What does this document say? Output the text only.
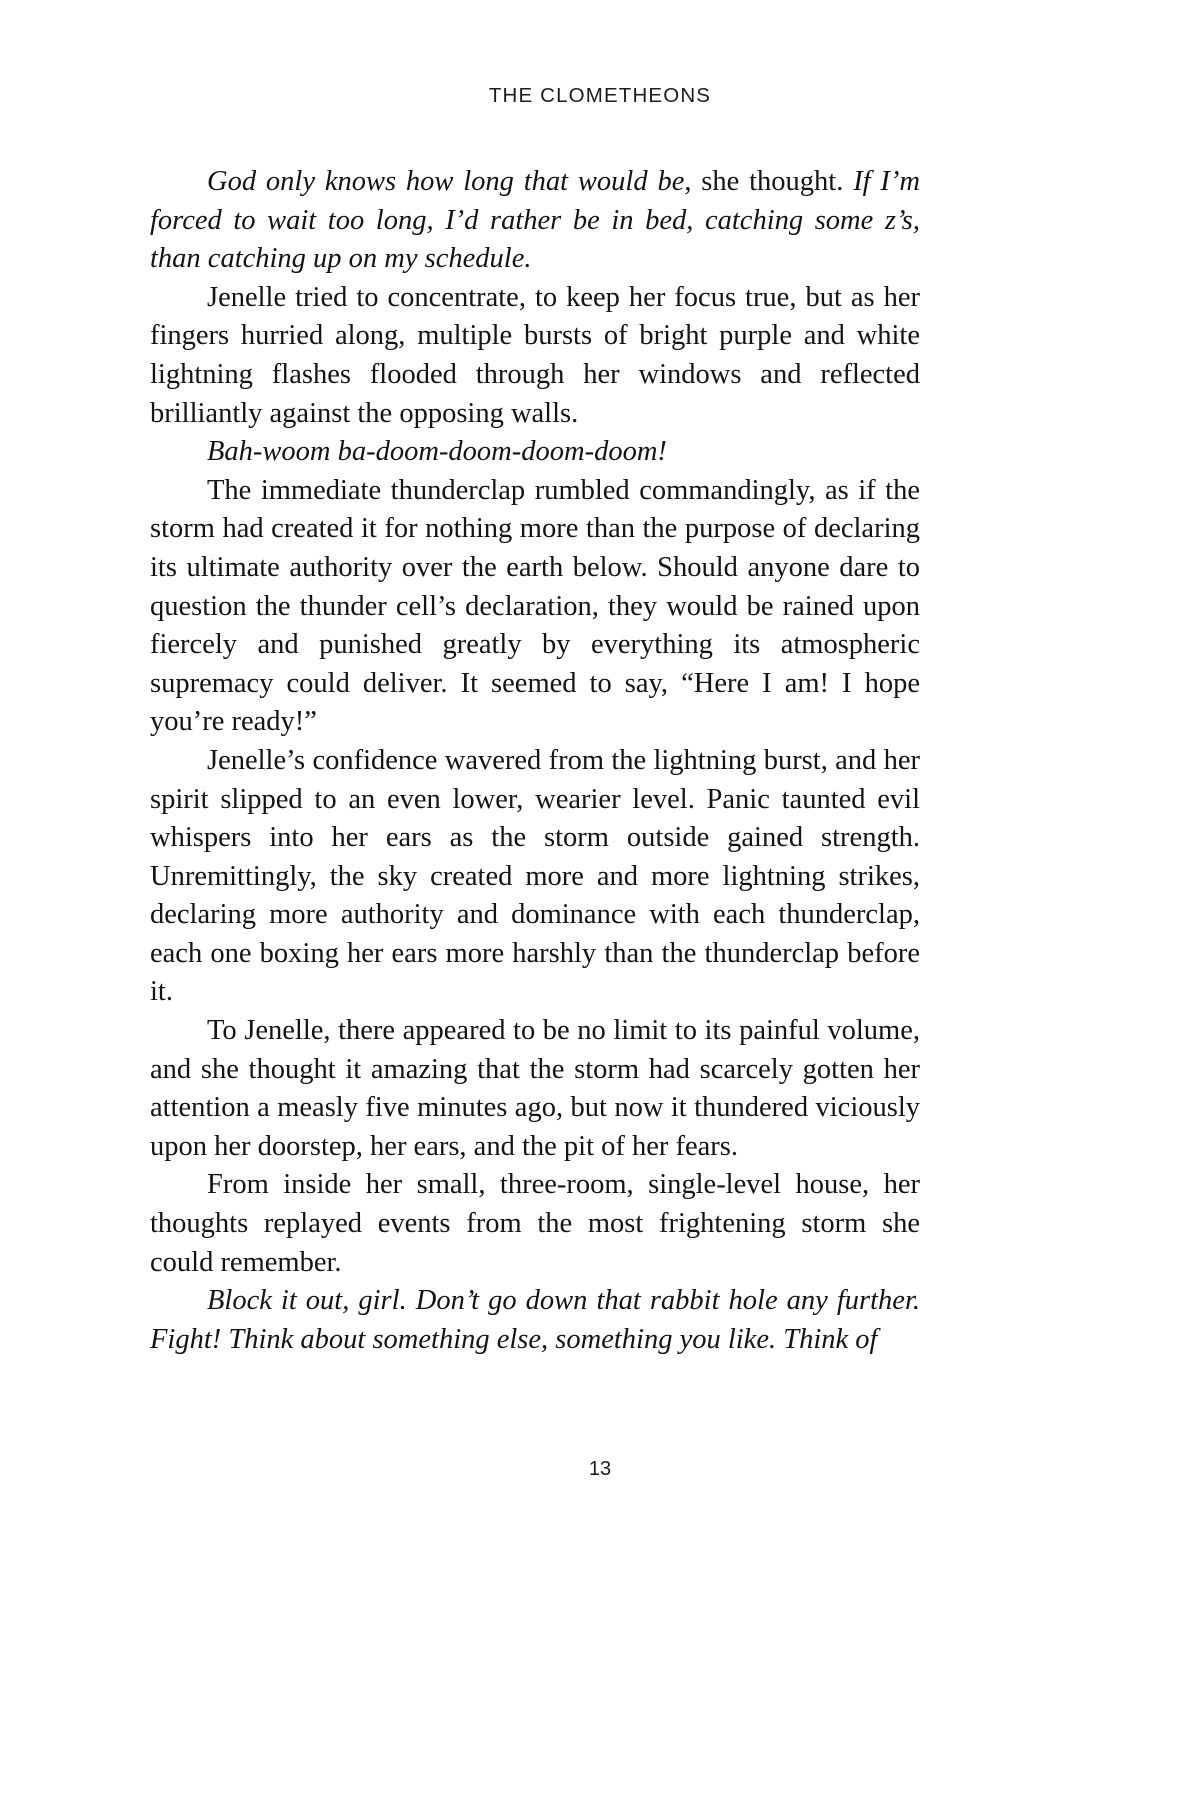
THE CLOMETHEONS

God only knows how long that would be, she thought. If I’m forced to wait too long, I’d rather be in bed, catching some z’s, than catching up on my schedule.

Jenelle tried to concentrate, to keep her focus true, but as her fingers hurried along, multiple bursts of bright purple and white lightning flashes flooded through her windows and reflected brilliantly against the opposing walls.

Bah-woom ba-doom-doom-doom-doom!

The immediate thunderclap rumbled commandingly, as if the storm had created it for nothing more than the purpose of declaring its ultimate authority over the earth below. Should anyone dare to question the thunder cell’s declaration, they would be rained upon fiercely and punished greatly by everything its atmospheric supremacy could deliver. It seemed to say, “Here I am! I hope you’re ready!”

Jenelle’s confidence wavered from the lightning burst, and her spirit slipped to an even lower, wearier level. Panic taunted evil whispers into her ears as the storm outside gained strength. Unremittingly, the sky created more and more lightning strikes, declaring more authority and dominance with each thunderclap, each one boxing her ears more harshly than the thunderclap before it.

To Jenelle, there appeared to be no limit to its painful volume, and she thought it amazing that the storm had scarcely gotten her attention a measly five minutes ago, but now it thundered viciously upon her doorstep, her ears, and the pit of her fears.

From inside her small, three-room, single-level house, her thoughts replayed events from the most frightening storm she could remember.

Block it out, girl. Don’t go down that rabbit hole any further. Fight! Think about something else, something you like. Think of

13
